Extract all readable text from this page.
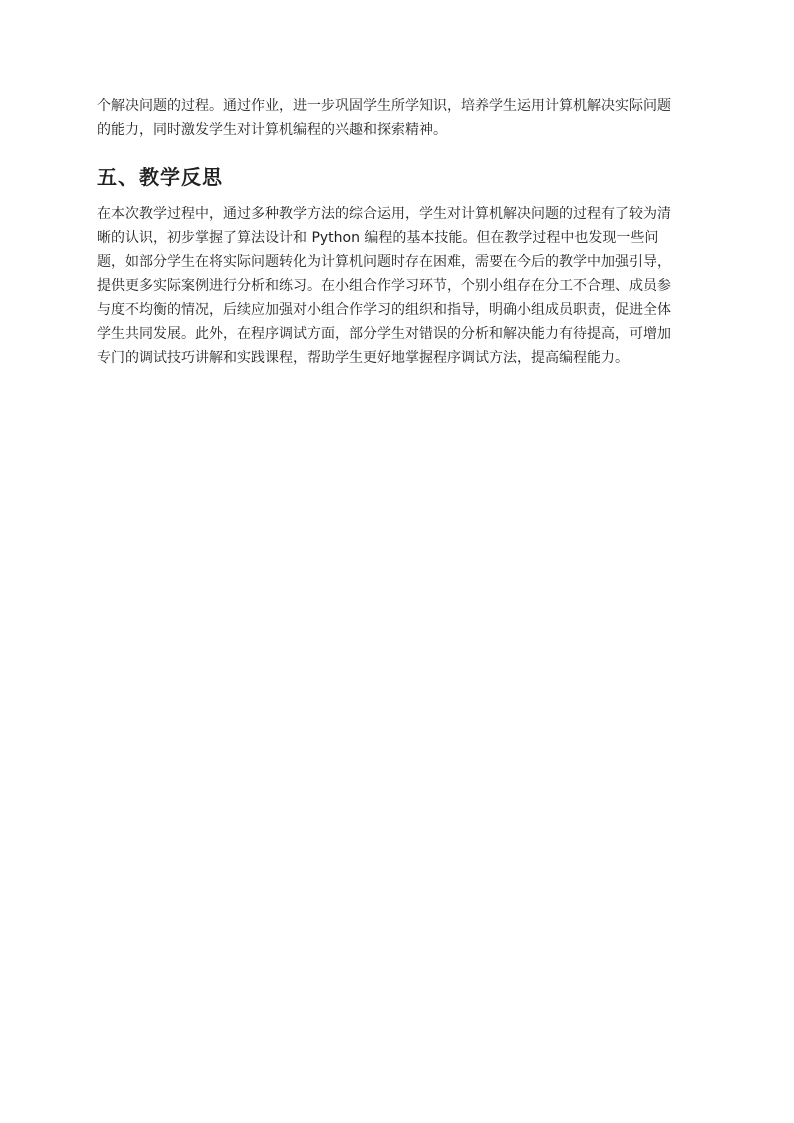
个解决问题的过程。通过作业，进一步巩固学生所学知识，培养学生运用计算机解决实际问题
的能力，同时激发学生对计算机编程的兴趣和探索精神。

五、教学反思

在本次教学过程中，通过多种教学方法的综合运用，学生对计算机解决问题的过程有了较为清
晰的认识，初步掌握了算法设计和 Python 编程的基本技能。但在教学过程中也发现一些问
题，如部分学生在将实际问题转化为计算机问题时存在困难，需要在今后的教学中加强引导，
提供更多实际案例进行分析和练习。在小组合作学习环节，个别小组存在分工不合理、成员参
与度不均衡的情况，后续应加强对小组合作学习的组织和指导，明确小组成员职责，促进全体
学生共同发展。此外，在程序调试方面，部分学生对错误的分析和解决能力有待提高，可增加
专门的调试技巧讲解和实践课程，帮助学生更好地掌握程序调试方法，提高编程能力。
